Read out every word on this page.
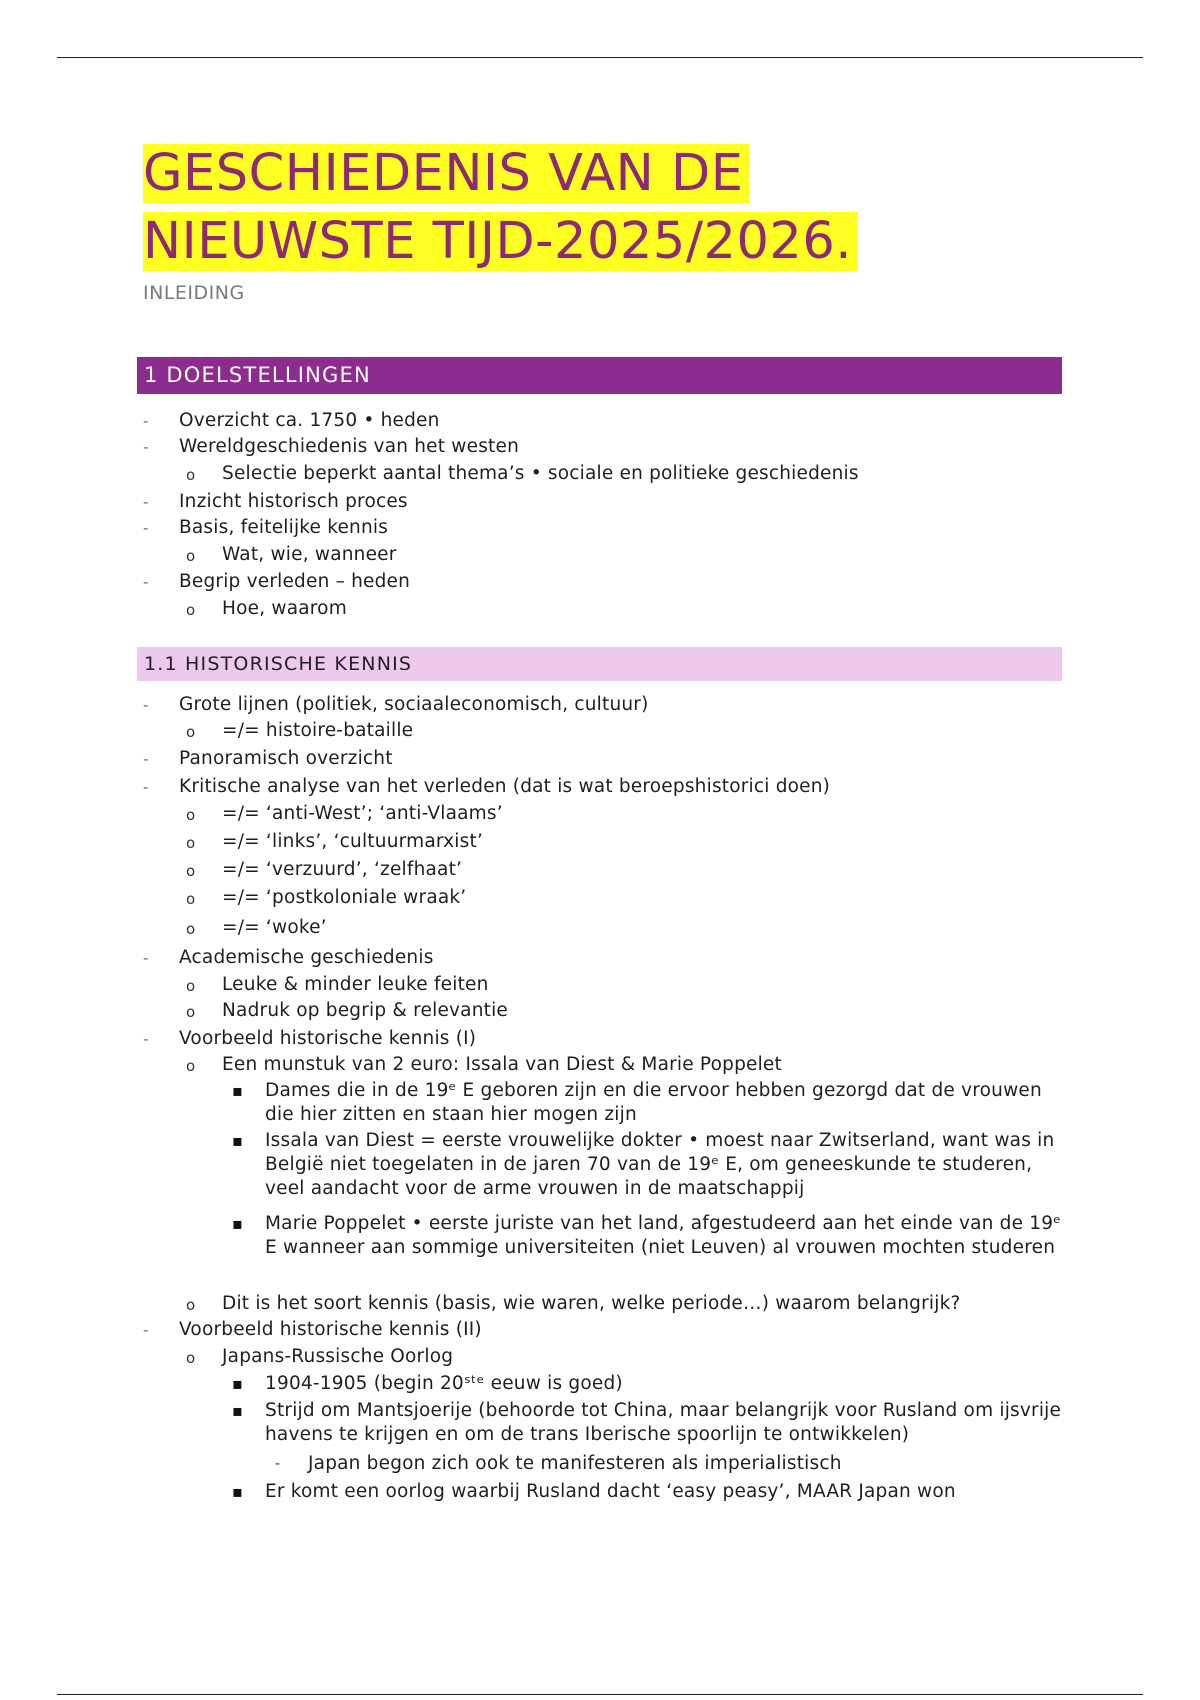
GESCHIEDENIS VAN DE
NIEUWSTE TIJD-2025/2026.
INLEIDING
1 DOELSTELLINGEN
- Overzicht ca. 1750 • heden
- Wereldgeschiedenis van het westen
o Selectie beperkt aantal thema’s • sociale en politieke geschiedenis
- Inzicht historisch proces
- Basis, feitelijke kennis
o Wat, wie, wanneer
- Begrip verleden – heden
o Hoe, waarom
1.1 HISTORISCHE KENNIS
- Grote lijnen (politiek, sociaaleconomisch, cultuur)
o =/= histoire-bataille
- Panoramisch overzicht
- Kritische analyse van het verleden (dat is wat beroepshistorici doen)
o =/= ‘anti-West’; ‘anti-Vlaams’
o =/= ‘links’, ‘cultuurmarxist’
o =/= ‘verzuurd’, ‘zelfhaat’
o =/= ‘postkoloniale wraak’
o =/= ‘woke’
- Academische geschiedenis
o Leuke & minder leuke feiten
o Nadruk op begrip & relevantie
- Voorbeeld historische kennis (I)
o Een munstuk van 2 euro: Issala van Diest & Marie Poppelet
▪ Dames die in de 19ᵉ E geboren zijn en die ervoor hebben gezorgd dat de vrouwen die hier zitten en staan hier mogen zijn
▪ Issala van Diest = eerste vrouwelijke dokter • moest naar Zwitserland, want was in België niet toegelaten in de jaren 70 van de 19ᵉ E, om geneeskunde te studeren, veel aandacht voor de arme vrouwen in de maatschappij
▪ Marie Poppelet • eerste juriste van het land, afgestudeerd aan het einde van de 19ᵉ E wanneer aan sommige universiteiten (niet Leuven) al vrouwen mochten studeren
o Dit is het soort kennis (basis, wie waren, welke periode…) waarom belangrijk?
- Voorbeeld historische kennis (II)
o Japans-Russische Oorlog
▪ 1904-1905 (begin 20ˢᵗᵉ eeuw is goed)
▪ Strijd om Mantsjoerije (behoorde tot China, maar belangrijk voor Rusland om ijsvrije havens te krijgen en om de trans Iberische spoorlijn te ontwikkelen)
- Japan begon zich ook te manifesteren als imperialistisch
▪ Er komt een oorlog waarbij Rusland dacht ‘easy peasy’, MAAR Japan won
